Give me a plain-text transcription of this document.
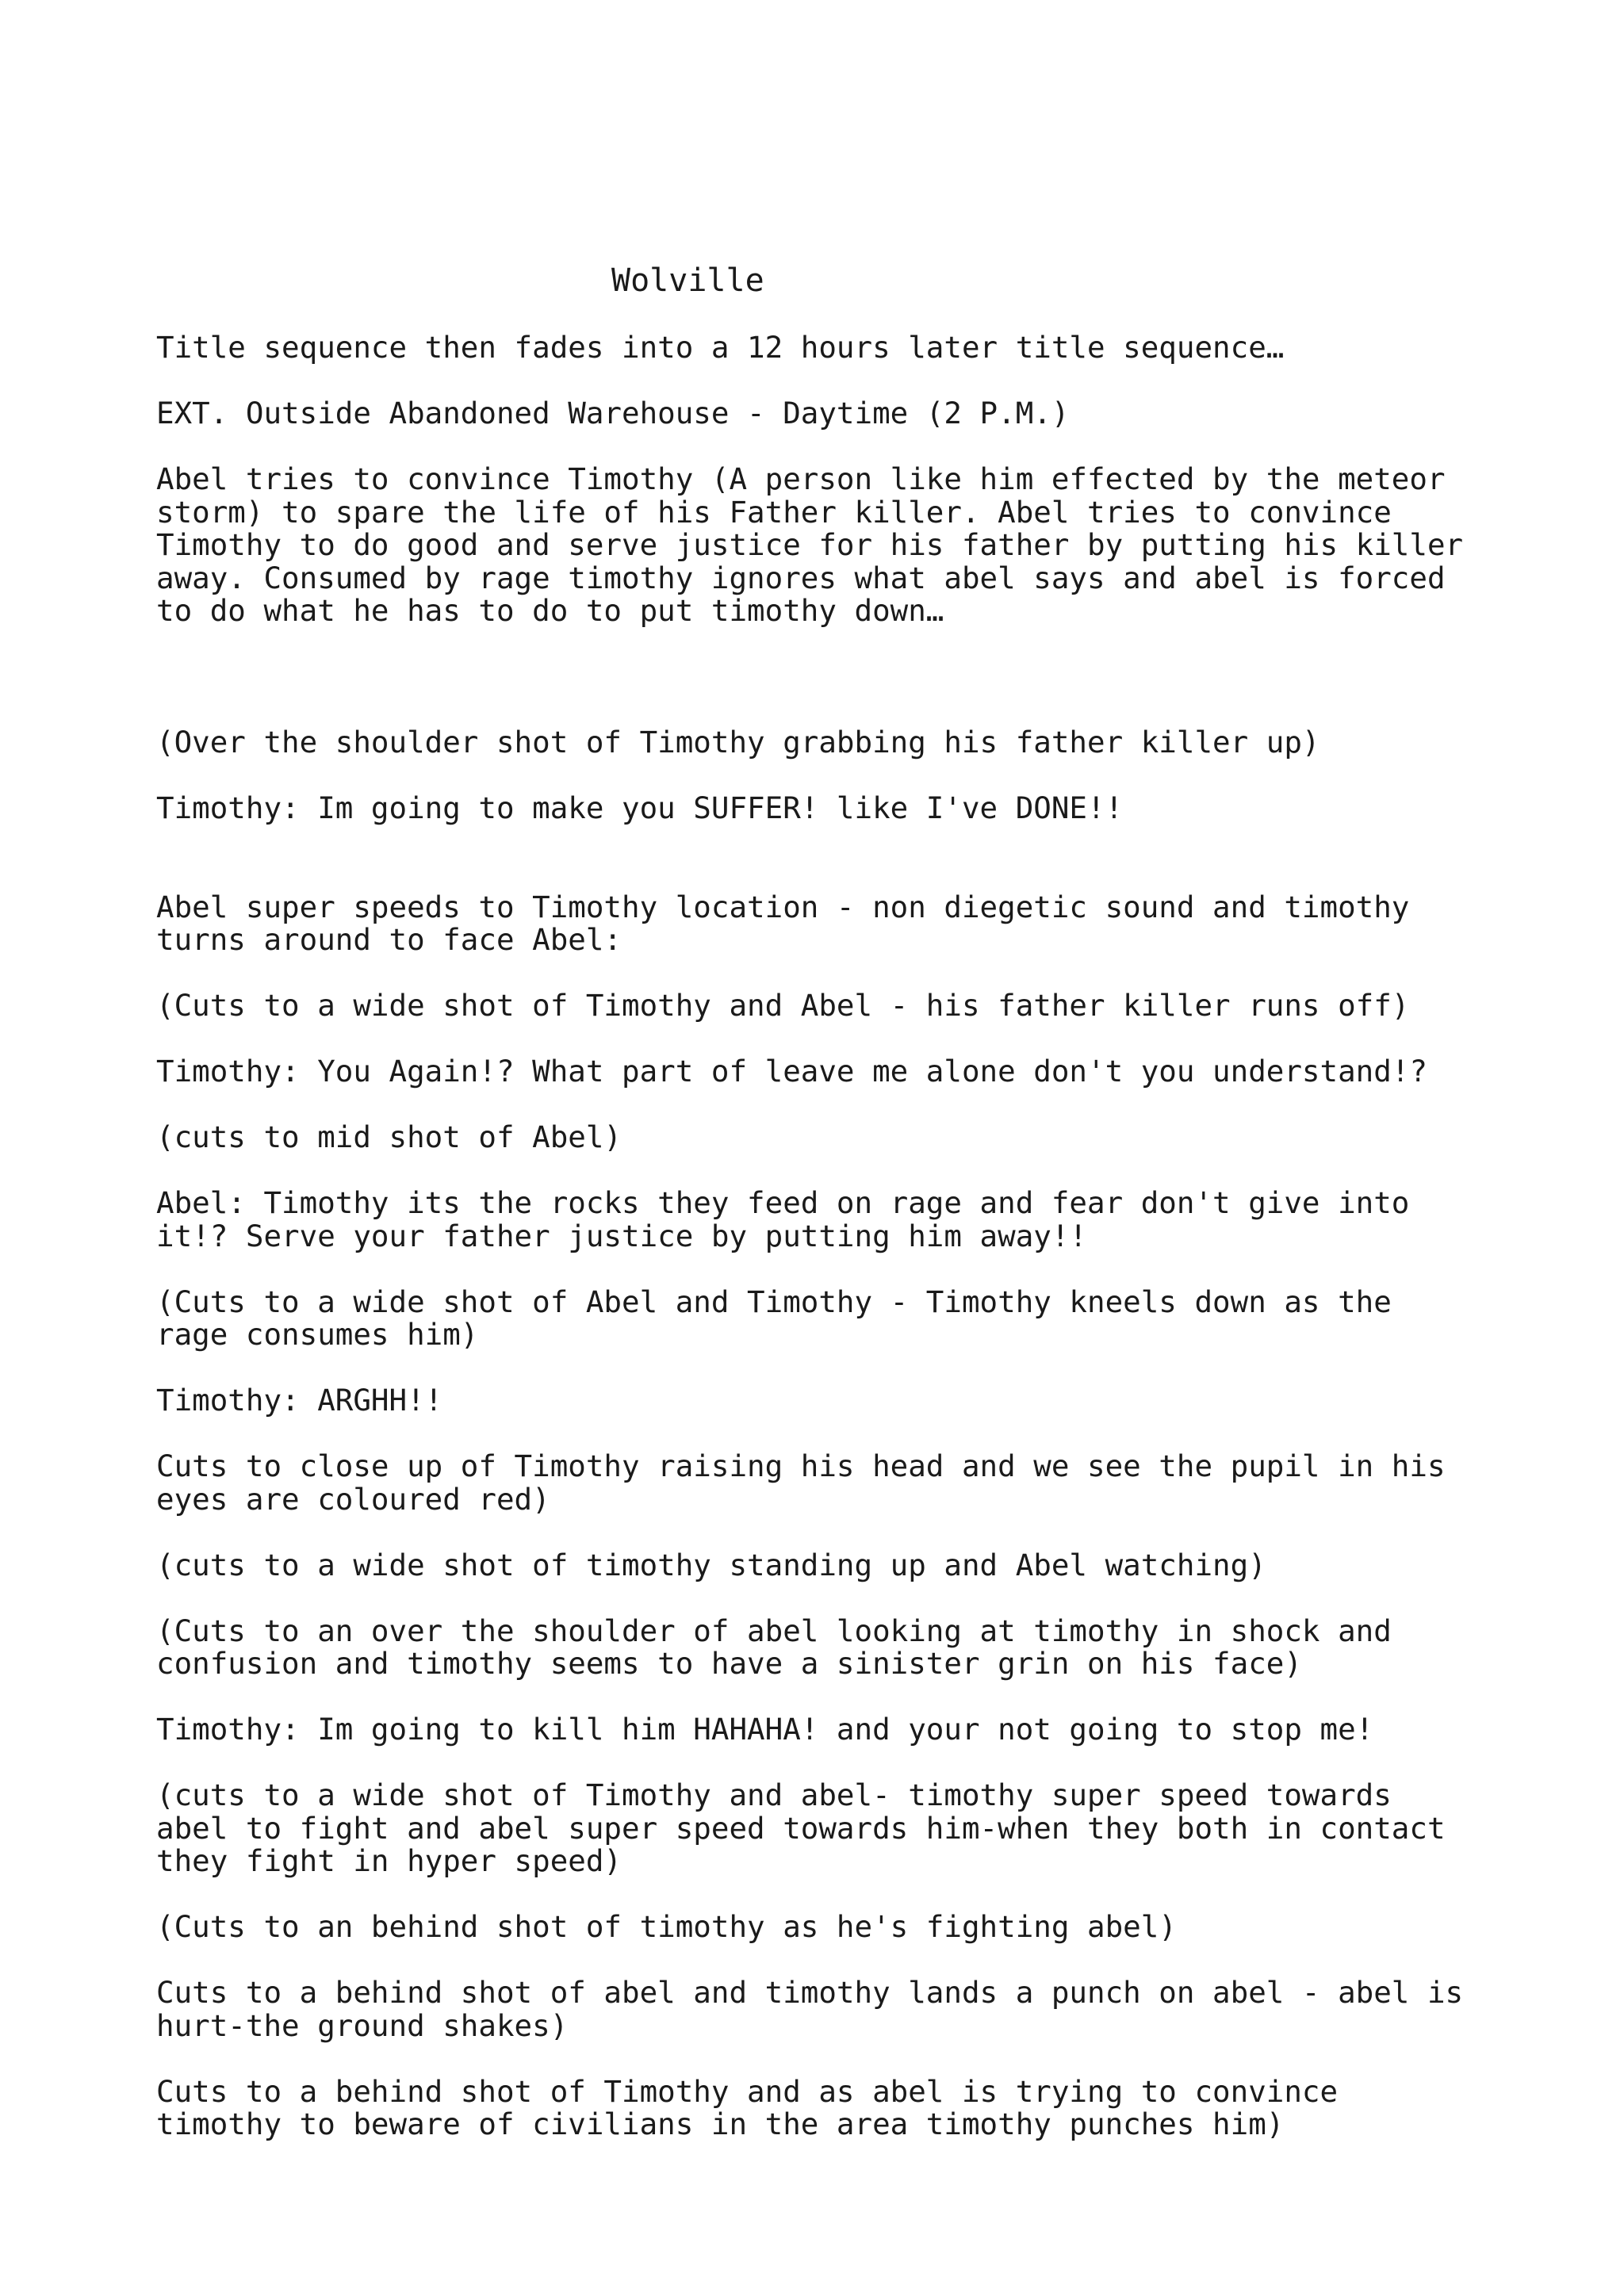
Wolville

Title sequence then fades into a 12 hours later title sequence…

EXT. Outside Abandoned Warehouse - Daytime (2 P.M.)

Abel tries to convince Timothy (A person like him effected by the meteor
storm) to spare the life of his Father killer. Abel tries to convince
Timothy to do good and serve justice for his father by putting his killer
away. Consumed by rage timothy ignores what abel says and abel is forced
to do what he has to do to put timothy down…

(Over the shoulder shot of Timothy grabbing his father killer up)

Timothy: Im going to make you SUFFER! like I've DONE!!

Abel super speeds to Timothy location - non diegetic sound and timothy
turns around to face Abel:

(Cuts to a wide shot of Timothy and Abel - his father killer runs off)

Timothy: You Again!? What part of leave me alone don't you understand!?

(cuts to mid shot of Abel)

Abel: Timothy its the rocks they feed on rage and fear don't give into
it!? Serve your father justice by putting him away!!

(Cuts to a wide shot of Abel and Timothy - Timothy kneels down as the
rage consumes him)

Timothy: ARGHH!!

Cuts to close up of Timothy raising his head and we see the pupil in his
eyes are coloured red)

(cuts to a wide shot of timothy standing up and Abel watching)

(Cuts to an over the shoulder of abel looking at timothy in shock and
confusion and timothy seems to have a sinister grin on his face)

Timothy: Im going to kill him HAHAHA! and your not going to stop me!

(cuts to a wide shot of Timothy and abel- timothy super speed towards
abel to fight and abel super speed towards him-when they both in contact
they fight in hyper speed)

(Cuts to an behind shot of timothy as he's fighting abel)

Cuts to a behind shot of abel and timothy lands a punch on abel - abel is
hurt-the ground shakes)

Cuts to a behind shot of Timothy and as abel is trying to convince
timothy to beware of civilians in the area timothy punches him)
